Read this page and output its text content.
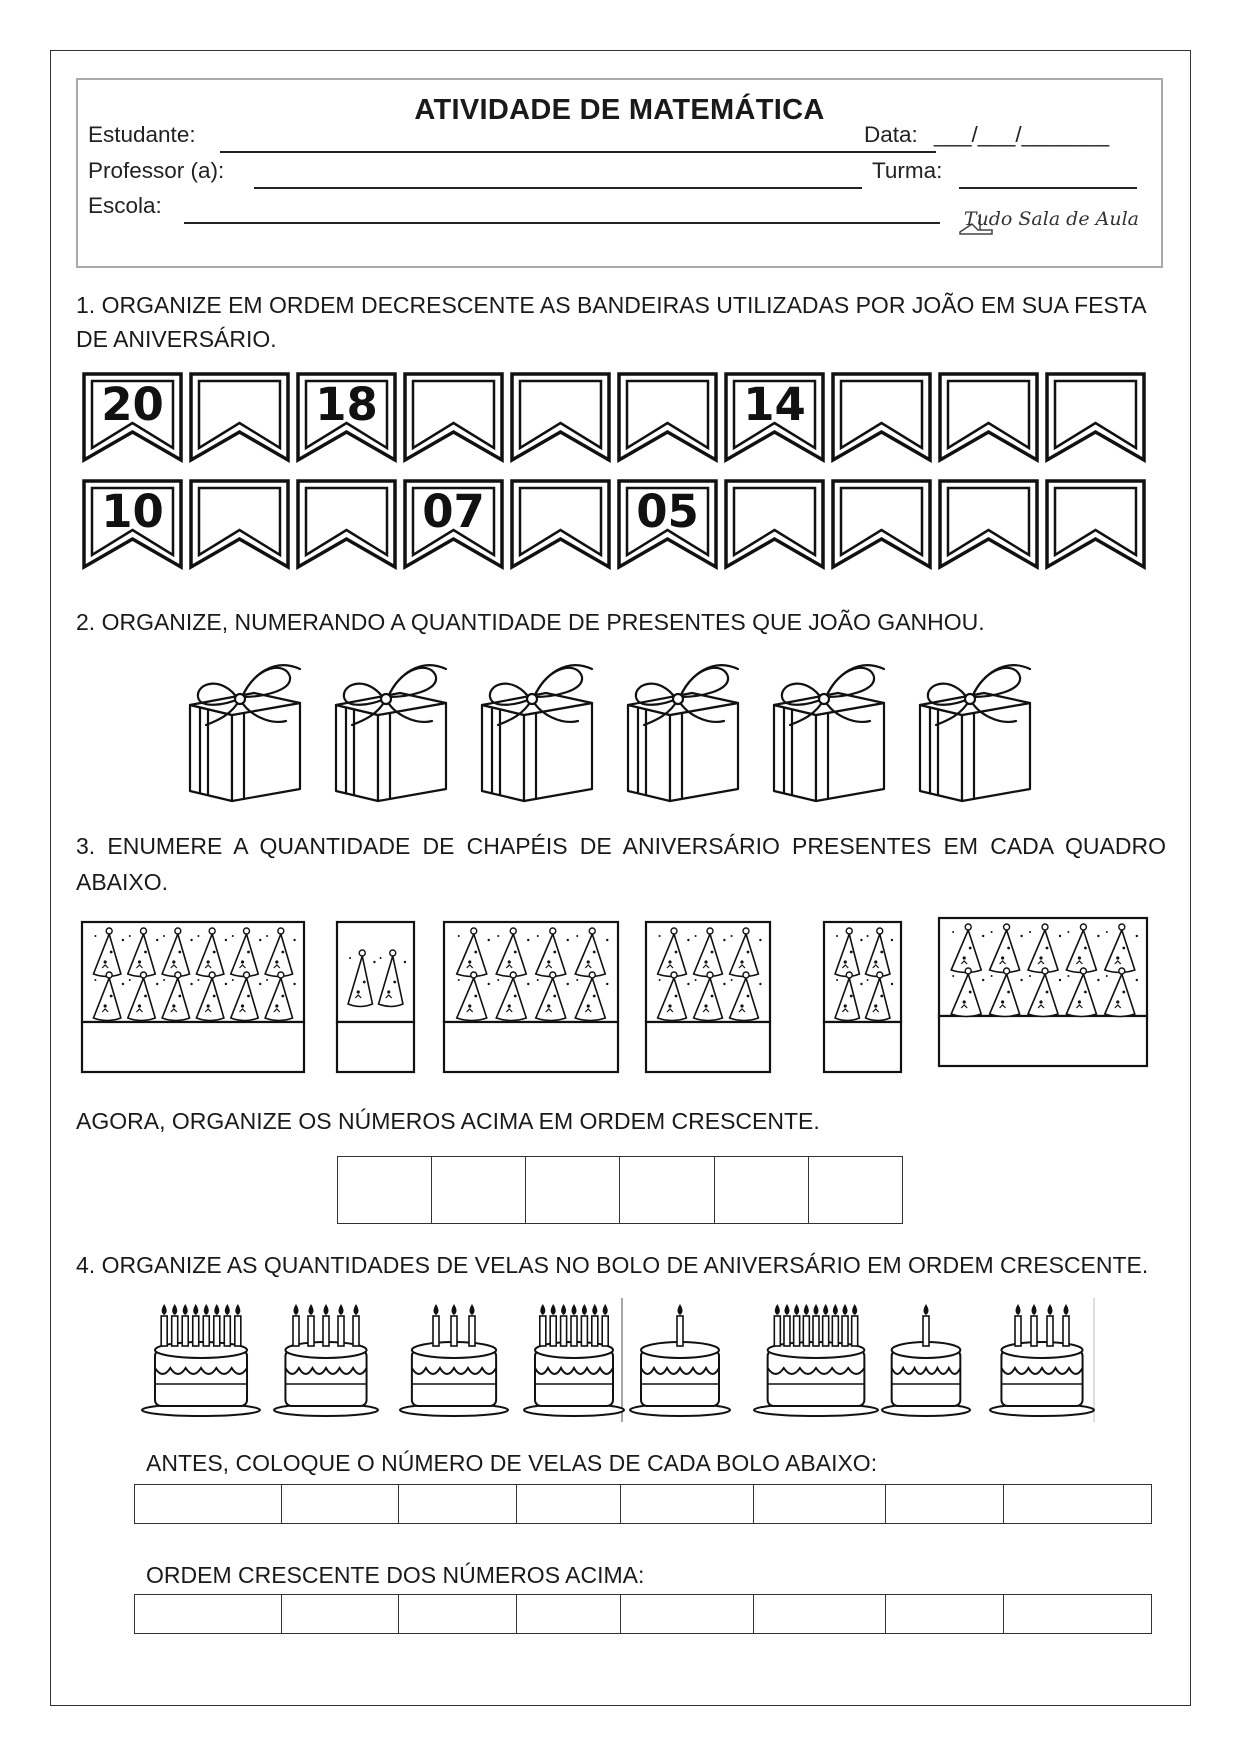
ATIVIDADE DE MATEMÁTICA
Estudante:	Data: ___/___/_______
Professor (a):	Turma:
Escola:
Tudo Sala de Aula
1. ORGANIZE EM ORDEM DECRESCENTE AS BANDEIRAS UTILIZADAS POR JOÃO EM SUA FESTA DE ANIVERSÁRIO.
20	18	14
10	07	05
2. ORGANIZE, NUMERANDO A QUANTIDADE DE PRESENTES QUE JOÃO GANHOU.
3. ENUMERE A QUANTIDADE DE CHAPÉIS DE ANIVERSÁRIO PRESENTES EM CADA QUADRO ABAIXO.
AGORA, ORGANIZE OS NÚMEROS ACIMA EM ORDEM CRESCENTE.

4. ORGANIZE AS QUANTIDADES DE VELAS NO BOLO DE ANIVERSÁRIO EM ORDEM CRESCENTE.
ANTES, COLOQUE O NÚMERO DE VELAS DE CADA BOLO ABAIXO:

ORDEM CRESCENTE DOS NÚMEROS ACIMA:
